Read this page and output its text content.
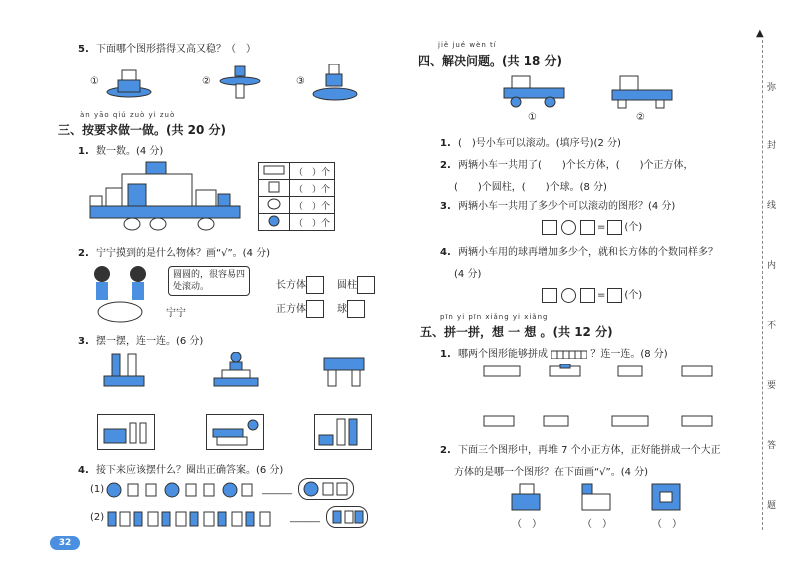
5. 下面哪个图形搭得又高又稳？（　）
①	②	③
àn yāo qiú zuò yi zuò
三、按要求做一做。(共 20 分)
1. 数一数。(4 分)
	（　）个
	（　）个
	（　）个
	（　）个
2. 宁宁摸到的是什么物体？画“√”。(4 分)
圆圆的，很容易四处滚动。
宁宁
长方体	圆柱
正方体	球
3. 摆一摆，连一连。(6 分)
4. 接下来应该摆什么？圈出正确答案。(6 分)
(1)	______
(2)	______
32
jiě jué wèn tí
四、解决问题。(共 18 分)
①	②
1. (　)号小车可以滚动。(填序号)(2 分)
2. 两辆小车一共用了(　　)个长方体，(　　)个正方体，
(　　)个圆柱，(　　)个球。(8 分)
3. 两辆小车一共用了多少个可以滚动的图形？(4 分)
= (个)
4. 两辆小车用的球再增加多少个，就和长方体的个数同样多？
(4 分)
= (个)
pīn yi pīn xiǎng yi xiǎng
五、拼一拼，想 一 想 。(共 12 分)
1. 哪两个图形能够拼成	？连一连。(8 分)
2. 下面三个图形中，再堆 7 个小正方体，正好能拼成一个大正
方体的是哪一个图形？在下面画“√”。(4 分)
（　）	（　）	（　）
▲
弥
封
线
内
不
要
答
题
